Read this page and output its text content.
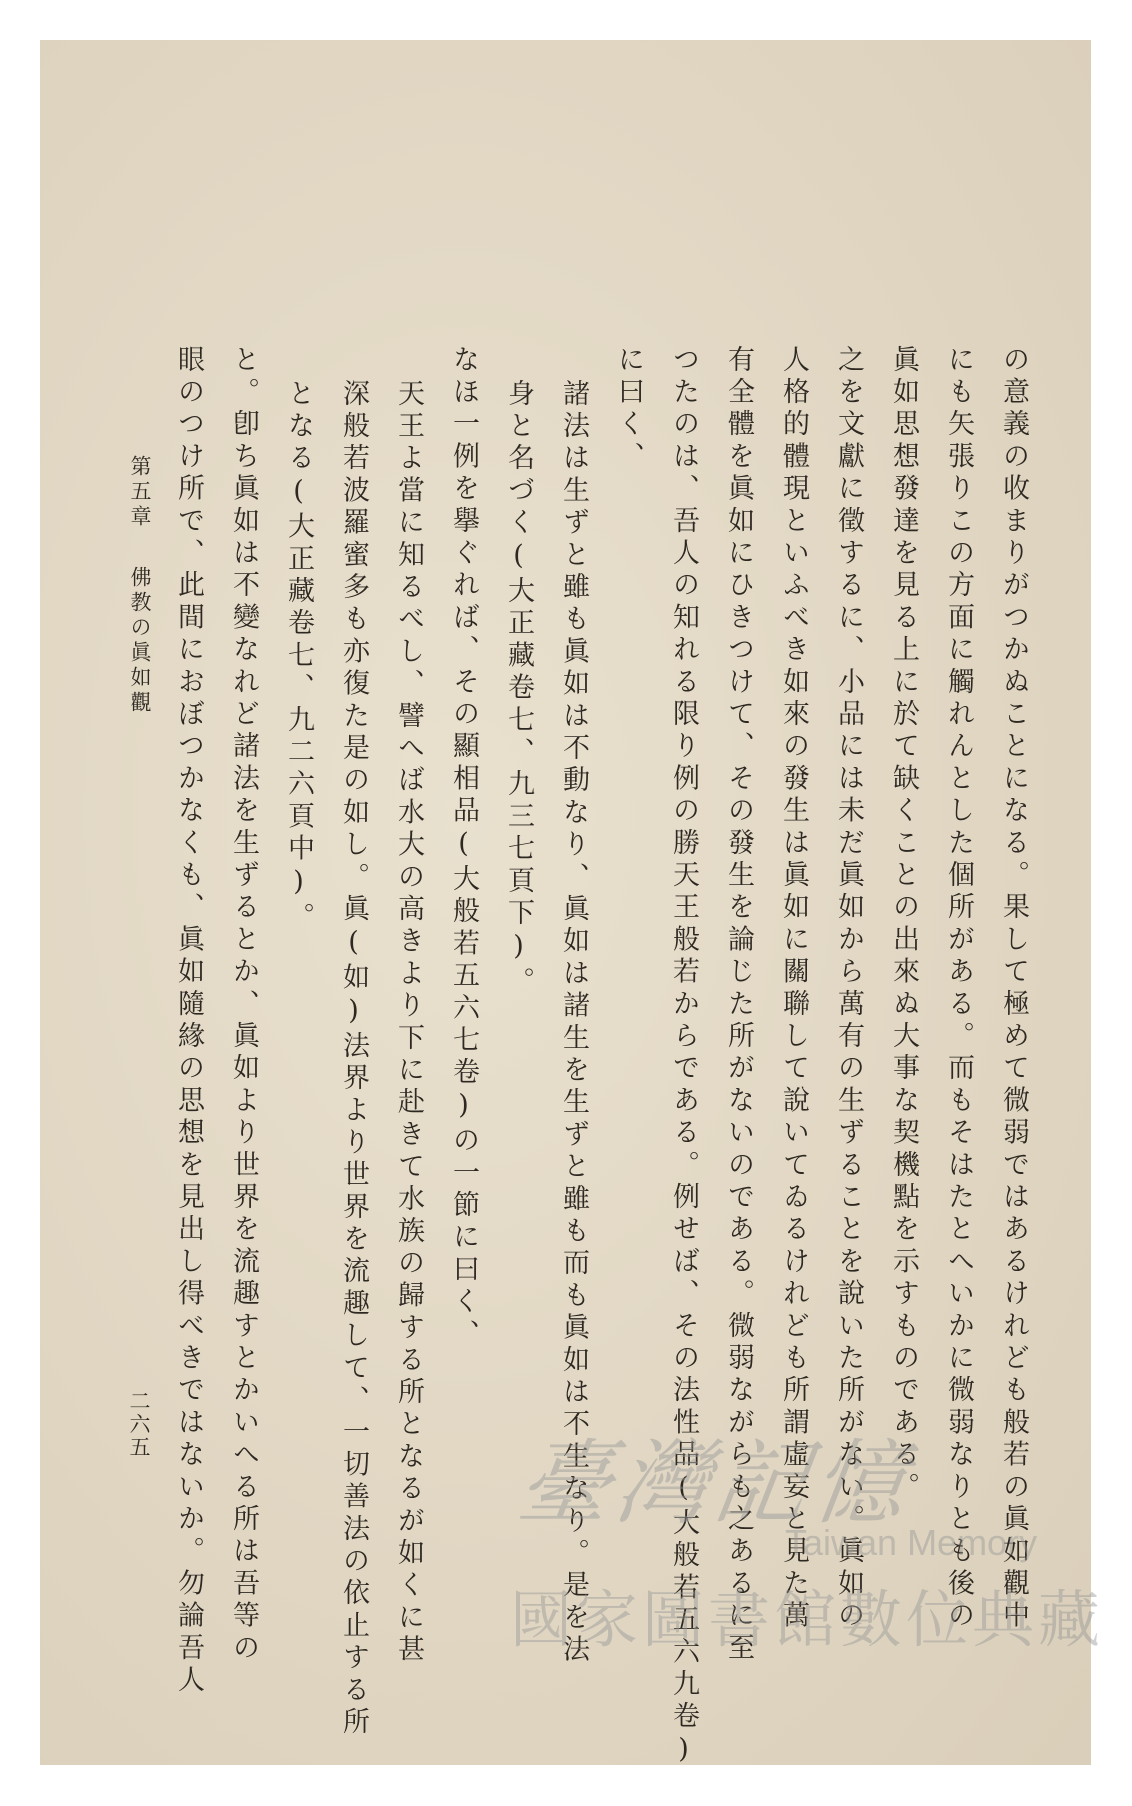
の意義の收まりがつかぬことになる。果して極めて微弱ではあるけれども般若の眞如觀中
にも矢張りこの方面に觸れんとした個所がある。而もそはたとへいかに微弱なりとも後の
眞如思想發達を見る上に於て缺くことの出來ぬ大事な契機點を示すものである。
之を文獻に徵するに、小品には未だ眞如から萬有の生ずることを說いた所がない。眞如の
人格的體現といふべき如來の發生は眞如に關聯して說いてゐるけれども所謂虛妄と見た萬
有全體を眞如にひきつけて、その發生を論じた所がないのである。微弱ながらも之あるに至
つたのは、吾人の知れる限り例の勝天王般若からである。例せば、その法性品(大般若五六九卷)
に曰く、
諸法は生ずと雖も眞如は不動なり、眞如は諸生を生ずと雖も而も眞如は不生なり。是を法
身と名づく(大正藏卷七、九三七頁下)。
なほ一例を擧ぐれば、その顯相品(大般若五六七卷)の一節に曰く、
天王よ當に知るべし、譬へば水大の高きより下に赴きて水族の歸する所となるが如くに甚
深般若波羅蜜多も亦復た是の如し。眞(如)法界より世界を流趣して、一切善法の依止する所
となる(大正藏卷七、九二六頁中)。
と。卽ち眞如は不變なれど諸法を生ずるとか、眞如より世界を流趣すとかいへる所は吾等の
眼のつけ所で、此間におぼつかなくも、眞如隨緣の思想を見出し得べきではないか。勿論吾人
第五章佛教の眞如觀
二六五
臺灣記憶
Taiwan Memory
國家圖書館數位典藏
